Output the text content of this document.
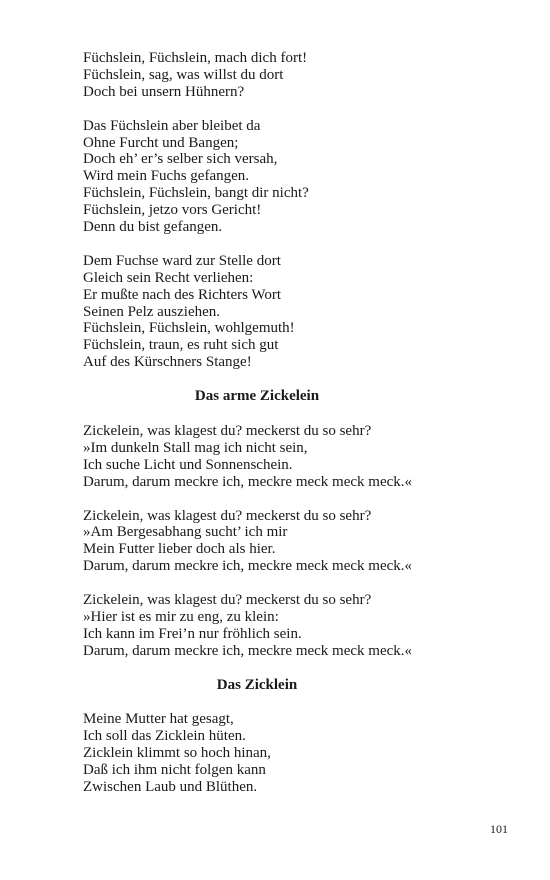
Füchslein, Füchslein, mach dich fort!
Füchslein, sag, was willst du dort
Doch bei unsern Hühnern?
Das Füchslein aber bleibet da
Ohne Furcht und Bangen;
Doch eh’ er’s selber sich versah,
Wird mein Fuchs gefangen.
Füchslein, Füchslein, bangt dir nicht?
Füchslein, jetzo vors Gericht!
Denn du bist gefangen.
Dem Fuchse ward zur Stelle dort
Gleich sein Recht verliehen:
Er mußte nach des Richters Wort
Seinen Pelz ausziehen.
Füchslein, Füchslein, wohlgemuth!
Füchslein, traun, es ruht sich gut
Auf des Kürschners Stange!
Das arme Zickelein
Zickelein, was klagest du? meckerst du so sehr?
»Im dunkeln Stall mag ich nicht sein,
Ich suche Licht und Sonnenschein.
Darum, darum meckre ich, meckre meck meck meck.«
Zickelein, was klagest du? meckerst du so sehr?
»Am Bergesabhang sucht’ ich mir
Mein Futter lieber doch als hier.
Darum, darum meckre ich, meckre meck meck meck.«
Zickelein, was klagest du? meckerst du so sehr?
»Hier ist es mir zu eng, zu klein:
Ich kann im Frei’n nur fröhlich sein.
Darum, darum meckre ich, meckre meck meck meck.«
Das Zicklein
Meine Mutter hat gesagt,
Ich soll das Zicklein hüten.
Zicklein klimmt so hoch hinan,
Daß ich ihm nicht folgen kann
Zwischen Laub und Blüthen.
101
